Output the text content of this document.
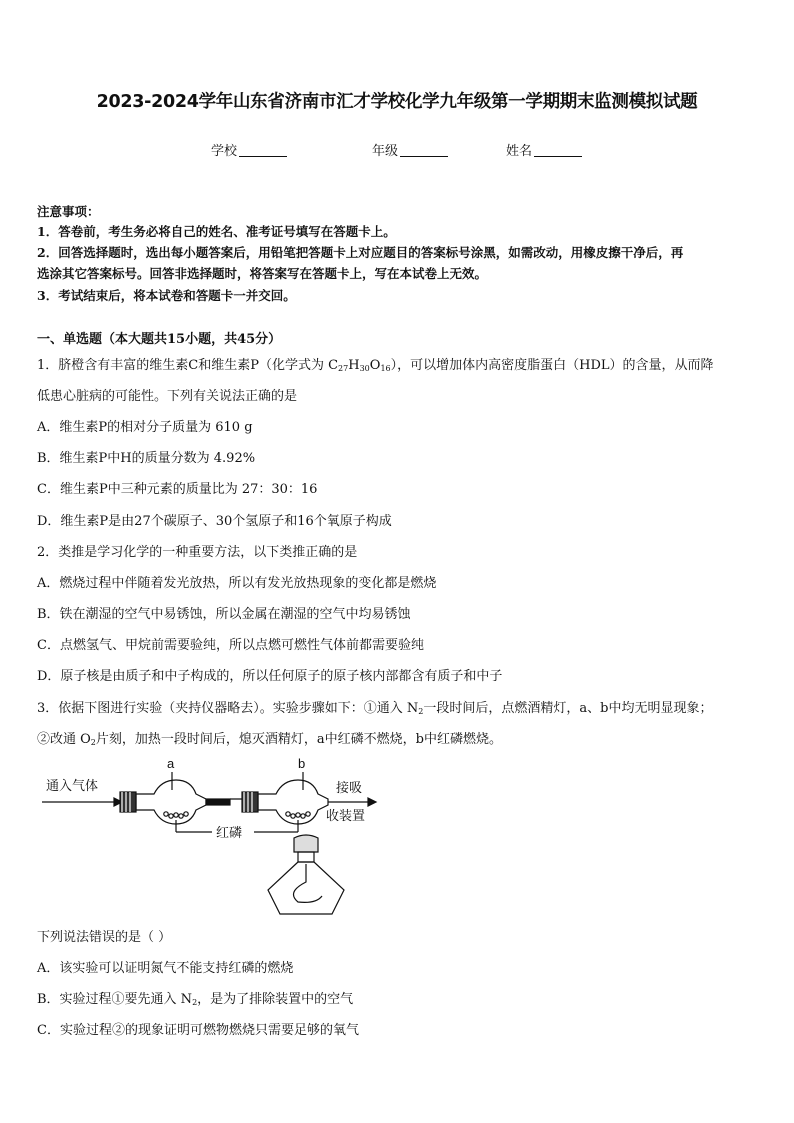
2023-2024学年山东省济南市汇才学校化学九年级第一学期期末监测模拟试题
学校	年级	姓名
注意事项：
1．答卷前，考生务必将自己的姓名、准考证号填写在答题卡上。
2．回答选择题时，选出每小题答案后，用铅笔把答题卡上对应题目的答案标号涂黑，如需改动，用橡皮擦干净后，再
选涂其它答案标号。回答非选择题时，将答案写在答题卡上，写在本试卷上无效。
3．考试结束后，将本试卷和答题卡一并交回。
一、单选题（本大题共15小题，共45分）
1．脐橙含有丰富的维生素C和维生素P（化学式为 $C_{27}H_{30}O_{16}$），可以增加体内高密度脂蛋白（HDL）的含量，从而降
低患心脏病的可能性。下列有关说法正确的是
A．维生素P的相对分子质量为 610 g
B．维生素P中H的质量分数为 4.92%
C．维生素P中三种元素的质量比为 27：30：16
D．维生素P是由27个碳原子、30个氢原子和16个氧原子构成
2．类推是学习化学的一种重要方法，以下类推正确的是
A．燃烧过程中伴随着发光放热，所以有发光放热现象的变化都是燃烧
B．铁在潮湿的空气中易锈蚀，所以金属在潮湿的空气中均易锈蚀
C．点燃氢气、甲烷前需要验纯，所以点燃可燃性气体前都需要验纯
D．原子核是由质子和中子构成的，所以任何原子的原子核内部都含有质子和中子
3．依据下图进行实验（夹持仪器略去）。实验步骤如下：①通入 $N_2$一段时间后，点燃酒精灯，a、b中均无明显现象；
②改通 $O_2$片刻，加热一段时间后，熄灭酒精灯，a中红磷不燃烧，b中红磷燃烧。
通入气体
a	b
接吸
收装置
红磷
下列说法错误的是（ ）
A．该实验可以证明氮气不能支持红磷的燃烧
B．实验过程①要先通入 $N_2$，是为了排除装置中的空气
C．实验过程②的现象证明可燃物燃烧只需要足够的氧气
